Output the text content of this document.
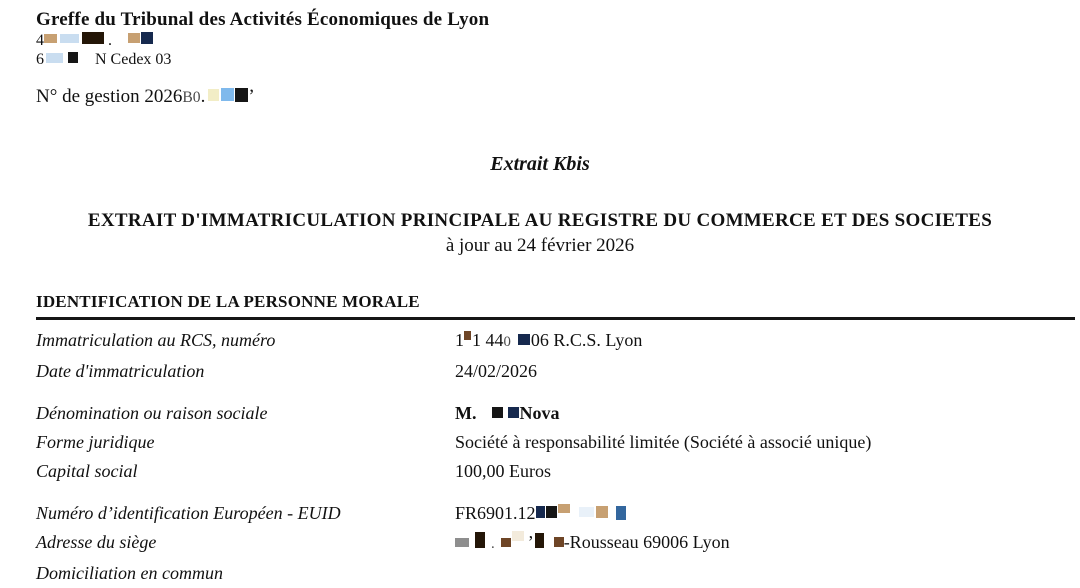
Greffe du Tribunal des Activités Économiques de Lyon
4	.
6	N Cedex 03
N° de gestion 2026B0. ’
Extrait Kbis
EXTRAIT D'IMMATRICULATION PRINCIPALE AU REGISTRE DU COMMERCE ET DES SOCIETES
à jour au 24 février 2026
IDENTIFICATION DE LA PERSONNE MORALE
Immatriculation au RCS, numéro	1 1 440 06 R.C.S. Lyon
Date d'immatriculation	24/02/2026
Dénomination ou raison sociale	M. Nova
Forme juridique	Société à responsabilité limitée (Société à associé unique)
Capital social	100,00 Euros
Numéro d’identification Européen - EUID	FR6901.12
Adresse du siège	. ’ -Rousseau 69006 Lyon
Domiciliation en commun
